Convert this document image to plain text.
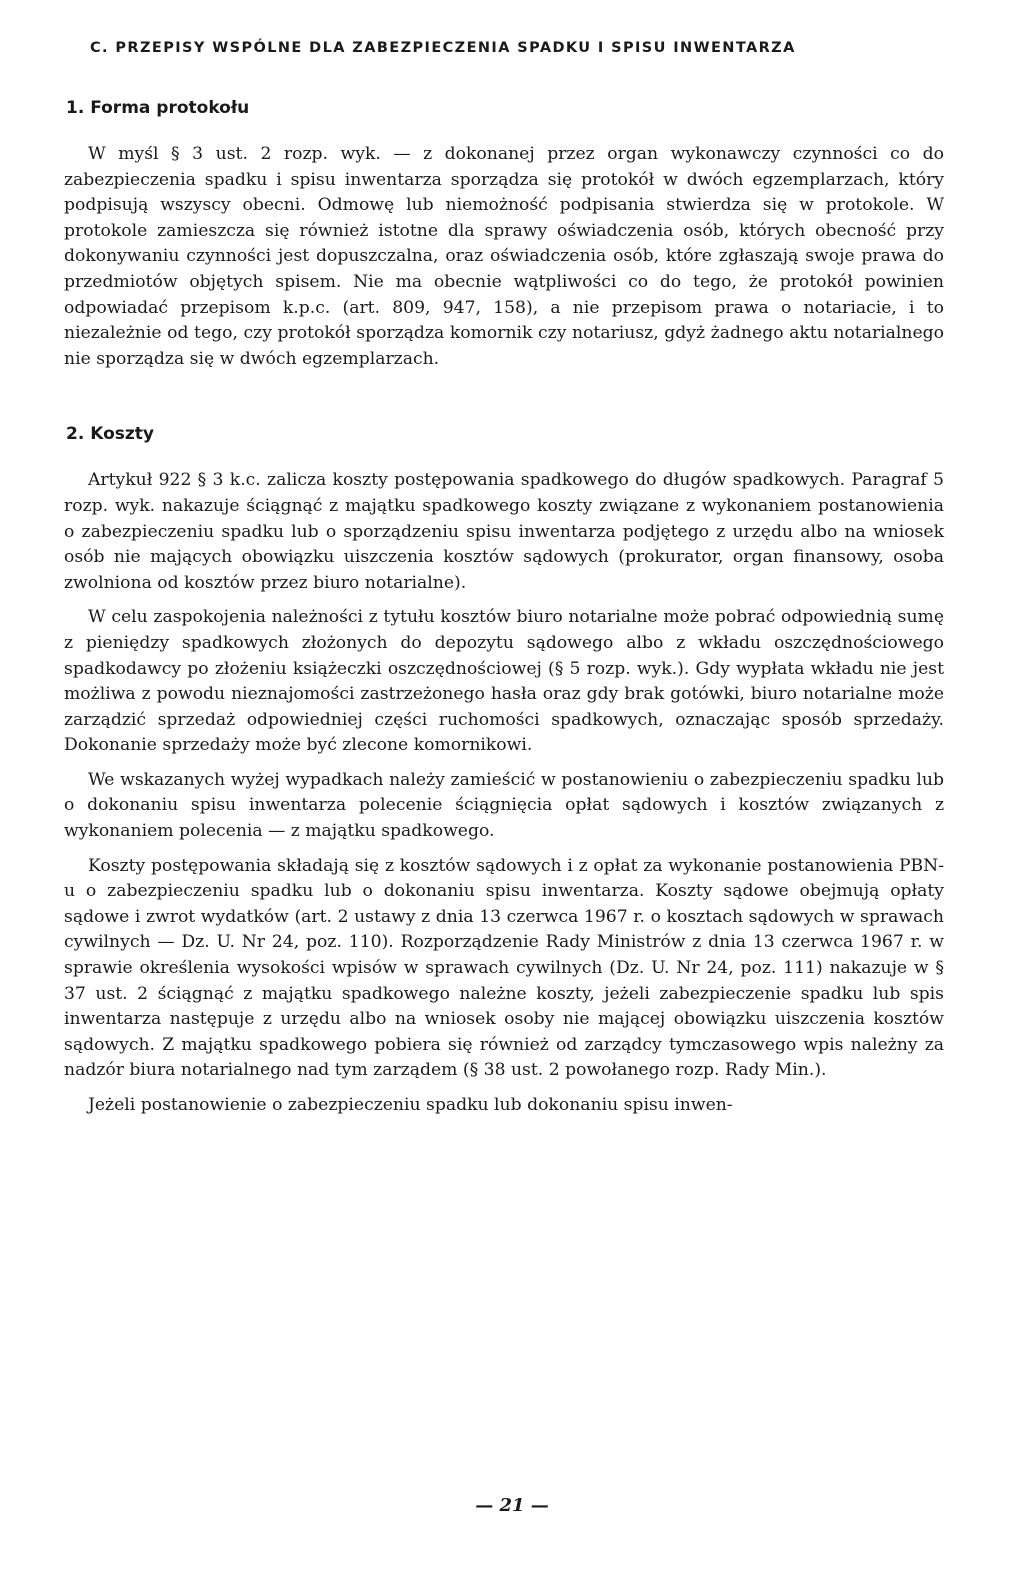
C. PRZEPISY WSPÓLNE DLA ZABEZPIECZENIA SPADKU I SPISU INWENTARZA
1. Forma protokołu

W myśl § 3 ust. 2 rozp. wyk. — z dokonanej przez organ wykonawczy czynności co do zabezpieczenia spadku i spisu inwentarza sporządza się protokół w dwóch egzemplarzach, który podpisują wszyscy obecni. Odmowę lub niemożność podpisania stwierdza się w protokole. W protokole zamieszcza się również istotne dla sprawy oświadczenia osób, których obecność przy dokonywaniu czynności jest dopuszczalna, oraz oświadczenia osób, które zgłaszają swoje prawa do przedmiotów objętych spisem. Nie ma obecnie wątpliwości co do tego, że protokół powinien odpowiadać przepisom k.p.c. (art. 809, 947, 158), a nie przepisom prawa o notariacie, i to niezależnie od tego, czy protokół sporządza komornik czy notariusz, gdyż żadnego aktu notarialnego nie sporządza się w dwóch egzemplarzach.

2. Koszty

Artykuł 922 § 3 k.c. zalicza koszty postępowania spadkowego do długów spadkowych. Paragraf 5 rozp. wyk. nakazuje ściągnąć z majątku spadkowego koszty związane z wykonaniem postanowienia o zabezpieczeniu spadku lub o sporządzeniu spisu inwentarza podjętego z urzędu albo na wniosek osób nie mających obowiązku uiszczenia kosztów sądowych (prokurator, organ finansowy, osoba zwolniona od kosztów przez biuro notarialne).

W celu zaspokojenia należności z tytułu kosztów biuro notarialne może pobrać odpowiednią sumę z pieniędzy spadkowych złożonych do depozytu sądowego albo z wkładu oszczędnościowego spadkodawcy po złożeniu książeczki oszczędnościowej (§ 5 rozp. wyk.). Gdy wypłata wkładu nie jest możliwa z powodu nieznajomości zastrzeżonego hasła oraz gdy brak gotówki, biuro notarialne może zarządzić sprzedaż odpowiedniej części ruchomości spadkowych, oznaczając sposób sprzedaży. Dokonanie sprzedaży może być zlecone komornikowi.

We wskazanych wyżej wypadkach należy zamieścić w postanowieniu o zabezpieczeniu spadku lub o dokonaniu spisu inwentarza polecenie ściągnięcia opłat sądowych i kosztów związanych z wykonaniem polecenia — z majątku spadkowego.

Koszty postępowania składają się z kosztów sądowych i z opłat za wykonanie postanowienia PBN-u o zabezpieczeniu spadku lub o dokonaniu spisu inwentarza. Koszty sądowe obejmują opłaty sądowe i zwrot wydatków (art. 2 ustawy z dnia 13 czerwca 1967 r. o kosztach sądowych w sprawach cywilnych — Dz. U. Nr 24, poz. 110). Rozporządzenie Rady Ministrów z dnia 13 czerwca 1967 r. w sprawie określenia wysokości wpisów w sprawach cywilnych (Dz. U. Nr 24, poz. 111) nakazuje w § 37 ust. 2 ściągnąć z majątku spadkowego należne koszty, jeżeli zabezpieczenie spadku lub spis inwentarza następuje z urzędu albo na wniosek osoby nie mającej obowiązku uiszczenia kosztów sądowych. Z majątku spadkowego pobiera się również od zarządcy tymczasowego wpis należny za nadzór biura notarialnego nad tym zarządem (§ 38 ust. 2 powołanego rozp. Rady Min.).

Jeżeli postanowienie o zabezpieczeniu spadku lub dokonaniu spisu inwen-

— 21 —
